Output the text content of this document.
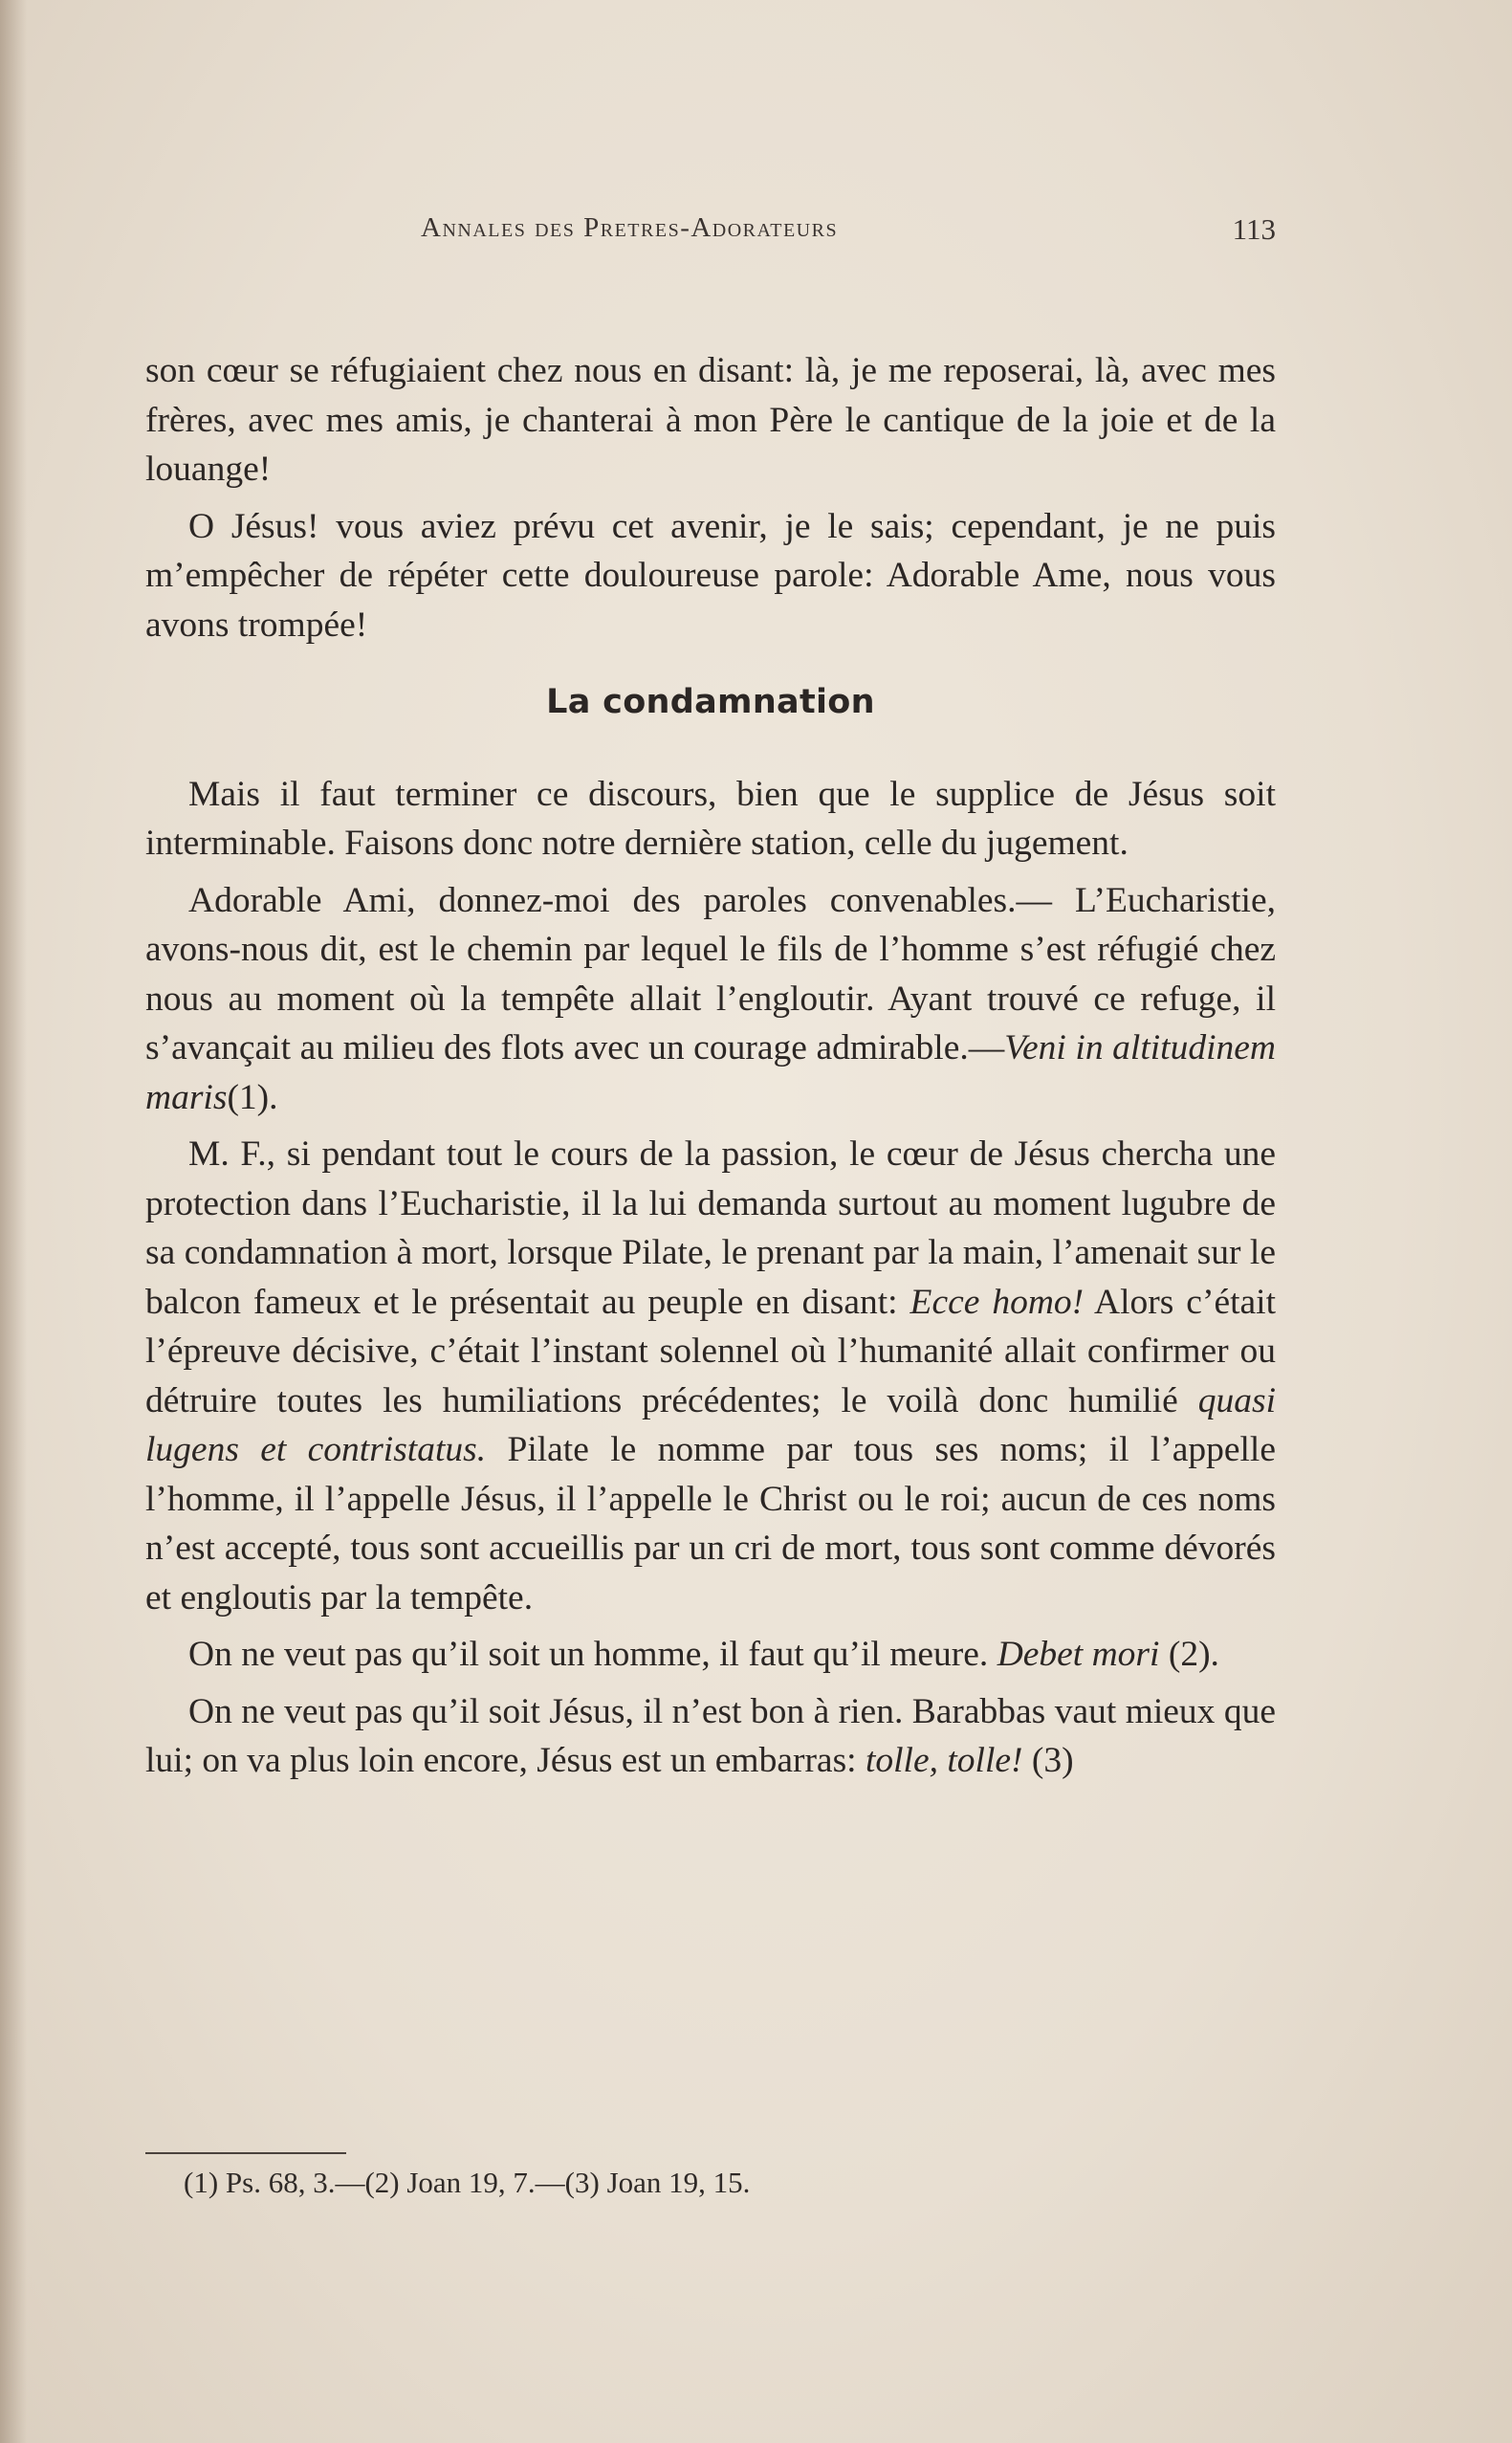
Annales des Pretres-Adorateurs	113

son cœur se réfugiaient chez nous en disant: là, je me reposerai, là, avec mes frères, avec mes amis, je chanterai à mon Père le cantique de la joie et de la louange!

O Jésus! vous aviez prévu cet avenir, je le sais; cependant, je ne puis m’empêcher de répéter cette douloureuse parole: Adorable Ame, nous vous avons trompée!

La condamnation

Mais il faut terminer ce discours, bien que le supplice de Jésus soit interminable. Faisons donc notre dernière station, celle du jugement.

Adorable Ami, donnez-moi des paroles convenables.— L’Eucharistie, avons-nous dit, est le chemin par lequel le fils de l’homme s’est réfugié chez nous au moment où la tempête allait l’engloutir. Ayant trouvé ce refuge, il s’avançait au milieu des flots avec un courage admirable.—Veni in altitudinem maris(1).

M. F., si pendant tout le cours de la passion, le cœur de Jésus chercha une protection dans l’Eucharistie, il la lui demanda surtout au moment lugubre de sa condamnation à mort, lorsque Pilate, le prenant par la main, l’amenait sur le balcon fameux et le présentait au peuple en disant: Ecce homo! Alors c’était l’épreuve décisive, c’était l’instant solennel où l’humanité allait confirmer ou détruire toutes les humiliations précédentes; le voilà donc humilié quasi lugens et contristatus. Pilate le nomme par tous ses noms; il l’appelle l’homme, il l’appelle Jésus, il l’appelle le Christ ou le roi; aucun de ces noms n’est accepté, tous sont accueillis par un cri de mort, tous sont comme dévorés et engloutis par la tempête.

On ne veut pas qu’il soit un homme, il faut qu’il meure. Debet mori (2).

On ne veut pas qu’il soit Jésus, il n’est bon à rien. Barabbas vaut mieux que lui; on va plus loin encore, Jésus est un embarras: tolle, tolle! (3)

(1) Ps. 68, 3.—(2) Joan 19, 7.—(3) Joan 19, 15.
